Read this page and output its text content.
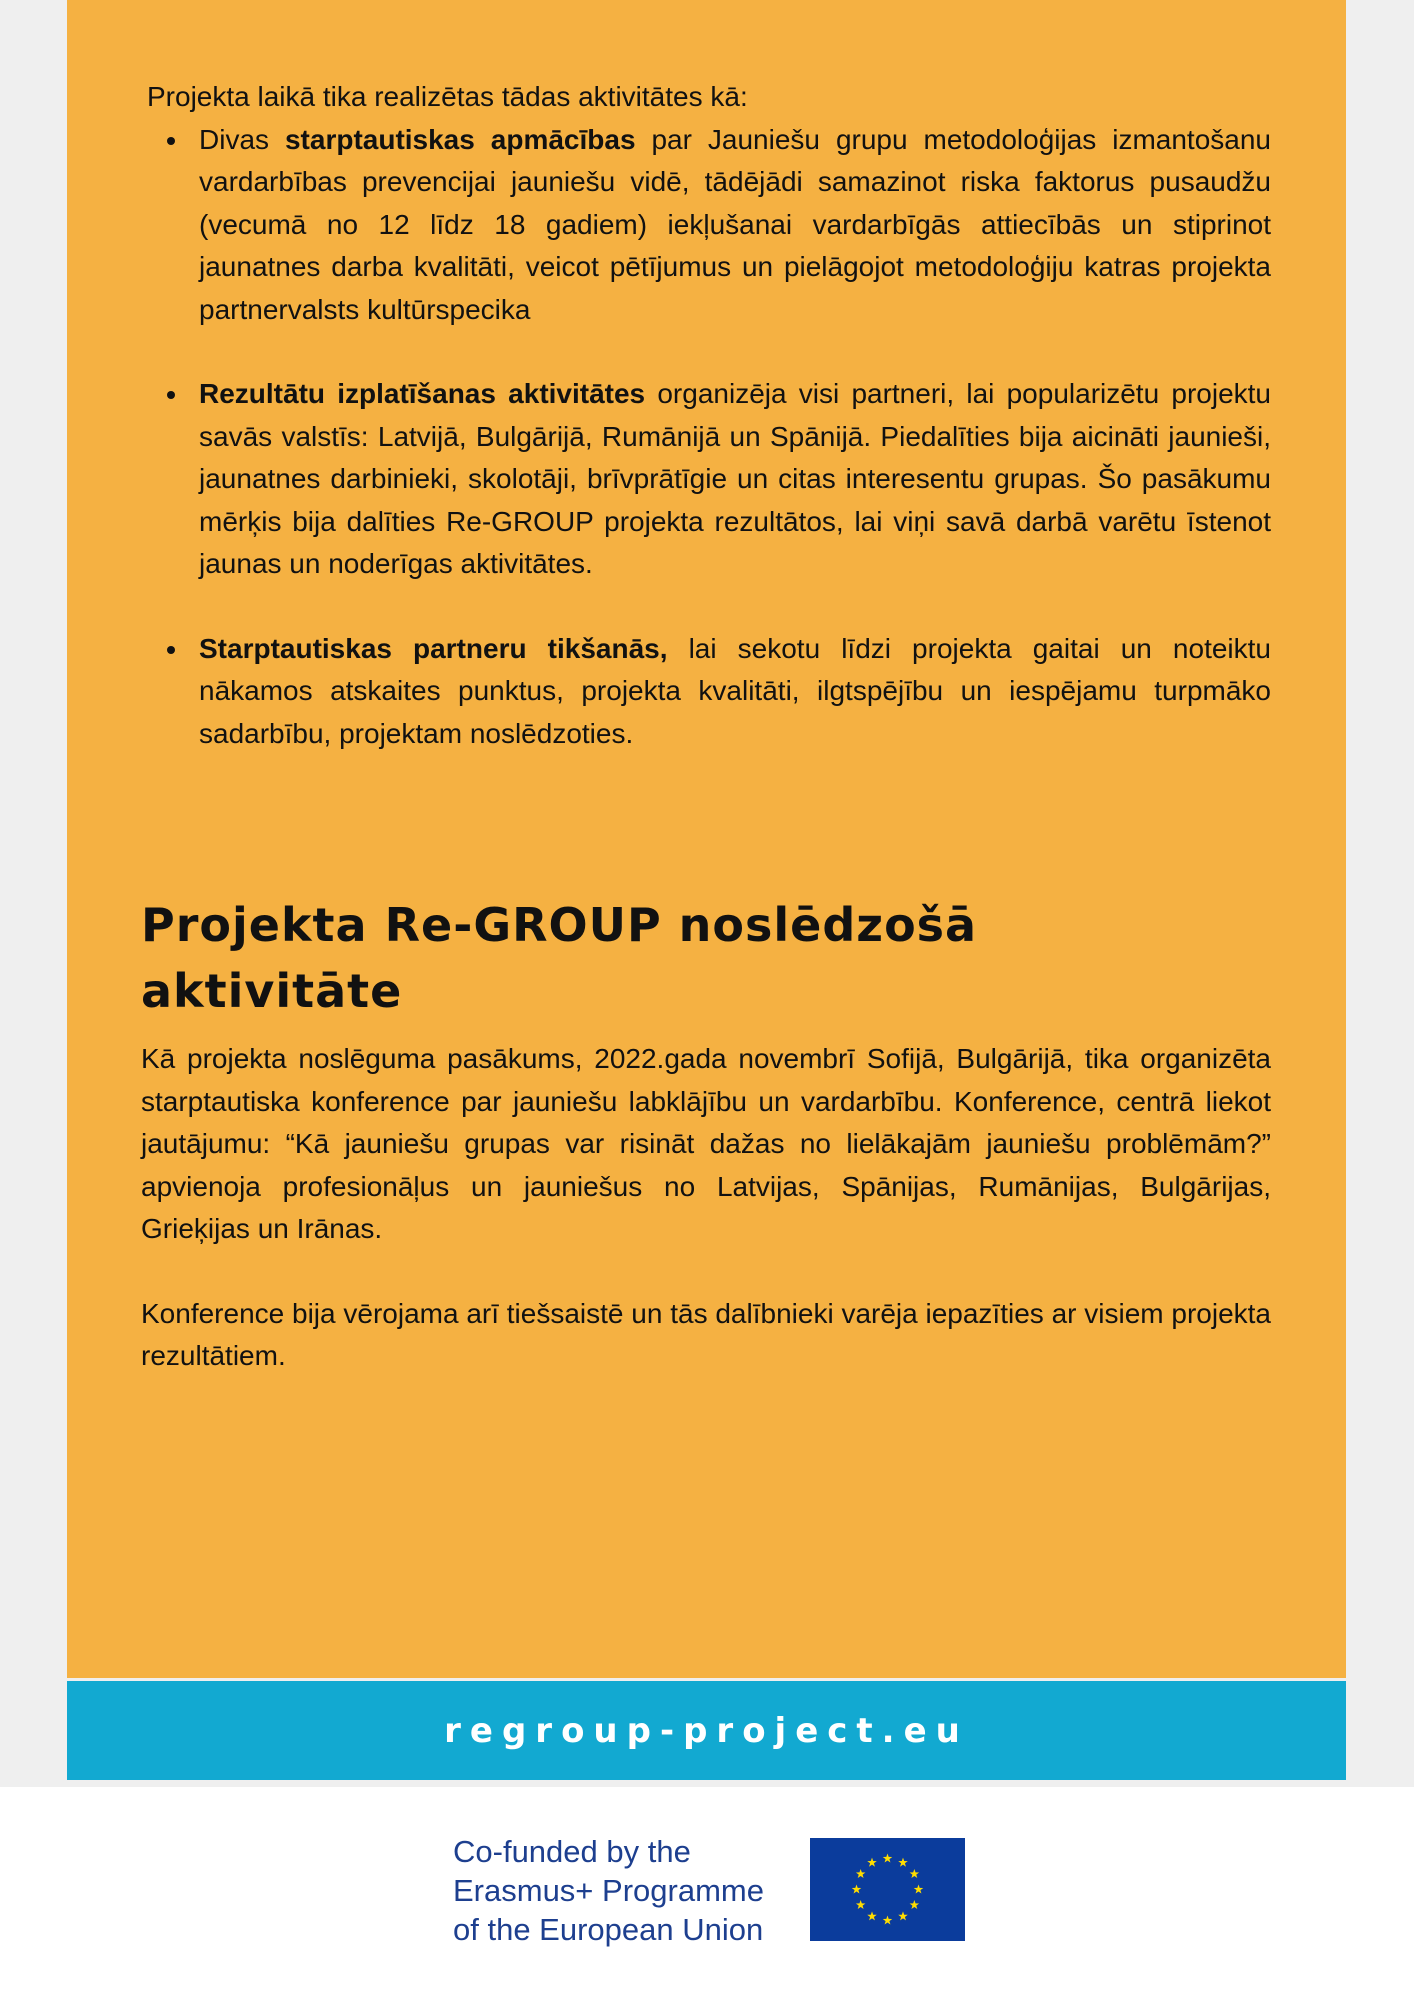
Projekta laikā tika realizētas tādas aktivitātes kā:

Divas starptautiskas apmācības par Jauniešu grupu metodoloģijas izmantošanu vardarbības prevencijai jauniešu vidē, tādējādi samazinot riska faktorus pusaudžu (vecumā no 12 līdz 18 gadiem) iekļušanai vardarbīgās attiecībās un stiprinot jaunatnes darba kvalitāti, veicot pētījumus un pielāgojot metodoloģiju katras projekta partnervalsts kultūrspecika

Rezultātu izplatīšanas aktivitātes organizēja visi partneri, lai popularizētu projektu savās valstīs: Latvijā, Bulgārijā, Rumānijā un Spānijā. Piedalīties bija aicināti jaunieši, jaunatnes darbinieki, skolotāji, brīvprātīgie un citas interesentu grupas. Šo pasākumu mērķis bija dalīties Re-GROUP projekta rezultātos, lai viņi savā darbā varētu īstenot jaunas un noderīgas aktivitātes.

Starptautiskas partneru tikšanās, lai sekotu līdzi projekta gaitai un noteiktu nākamos atskaites punktus, projekta kvalitāti, ilgtspējību un iespējamu turpmāko sadarbību, projektam noslēdzoties.

Projekta Re-GROUP noslēdzošā
aktivitāte

Kā projekta noslēguma pasākums, 2022.gada novembrī Sofijā, Bulgārijā, tika organizēta starptautiska konference par jauniešu labklājību un vardarbību. Konference, centrā liekot jautājumu: “Kā jauniešu grupas var risināt dažas no lielākajām jauniešu problēmām?” apvienoja profesionāļus un jauniešus no Latvijas, Spānijas, Rumānijas, Bulgārijas, Grieķijas un Irānas.

Konference bija vērojama arī tiešsaistē un tās dalībnieki varēja iepazīties ar visiem projekta rezultātiem.

regroup-project.eu
Co-funded by the
Erasmus+ Programme
of the European Union
